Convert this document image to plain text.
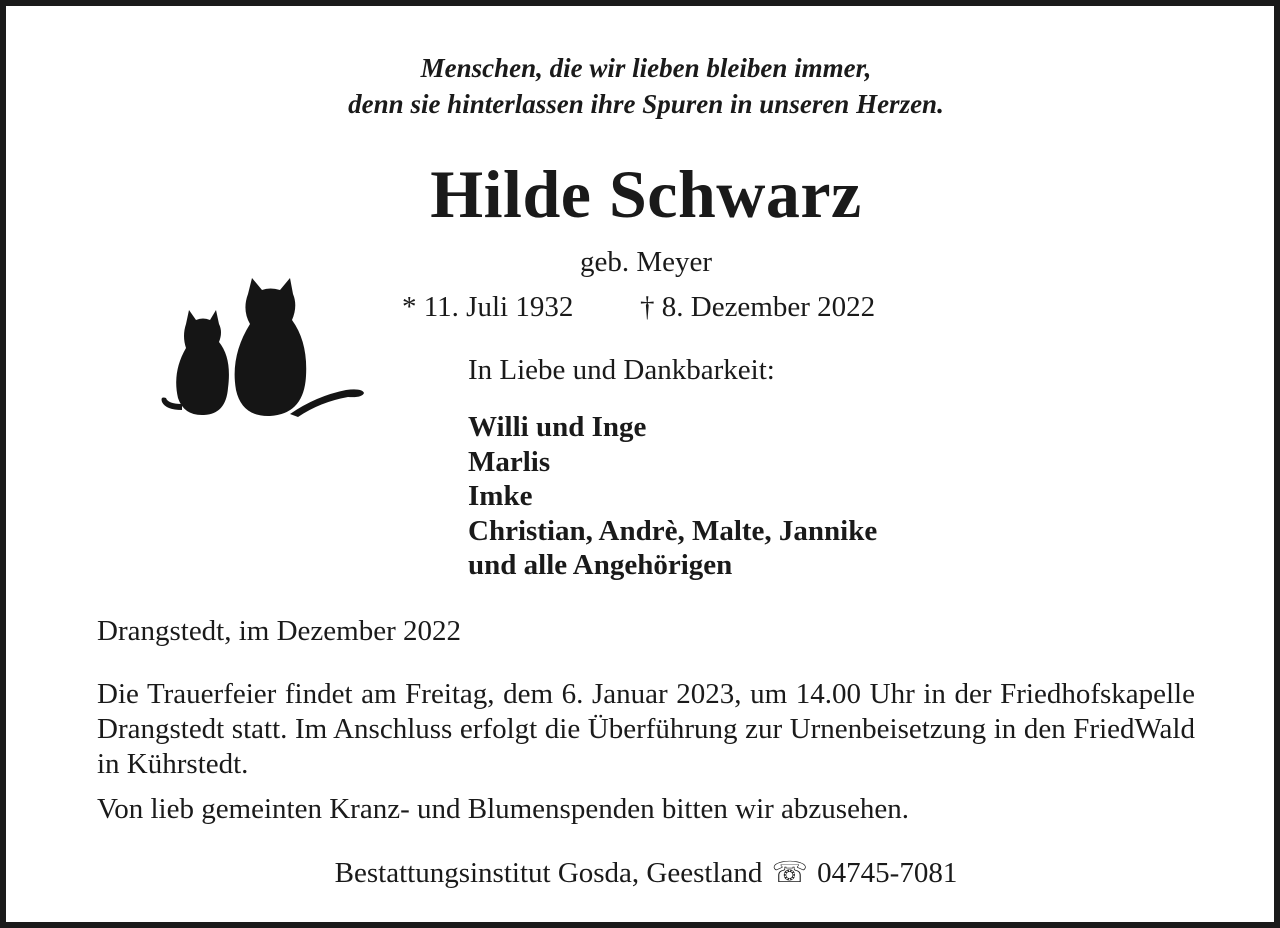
Menschen, die wir lieben bleiben immer,
denn sie hinterlassen ihre Spuren in unseren Herzen.
Hilde Schwarz
geb. Meyer
* 11. Juli 1932 † 8. Dezember 2022
In Liebe und Dankbarkeit:
Willi und Inge
Marlis
Imke
Christian, Andrè, Malte, Jannike
und alle Angehörigen
Drangstedt, im Dezember 2022
Die Trauerfeier findet am Freitag, dem 6. Januar 2023, um 14.00 Uhr in der Friedhofskapelle Drangstedt statt. Im Anschluss erfolgt die Überführung zur Urnenbeisetzung in den FriedWald in Kührstedt.
Von lieb gemeinten Kranz- und Blumenspenden bitten wir abzusehen.
Bestattungsinstitut Gosda, Geestland ☏ 04745-7081
